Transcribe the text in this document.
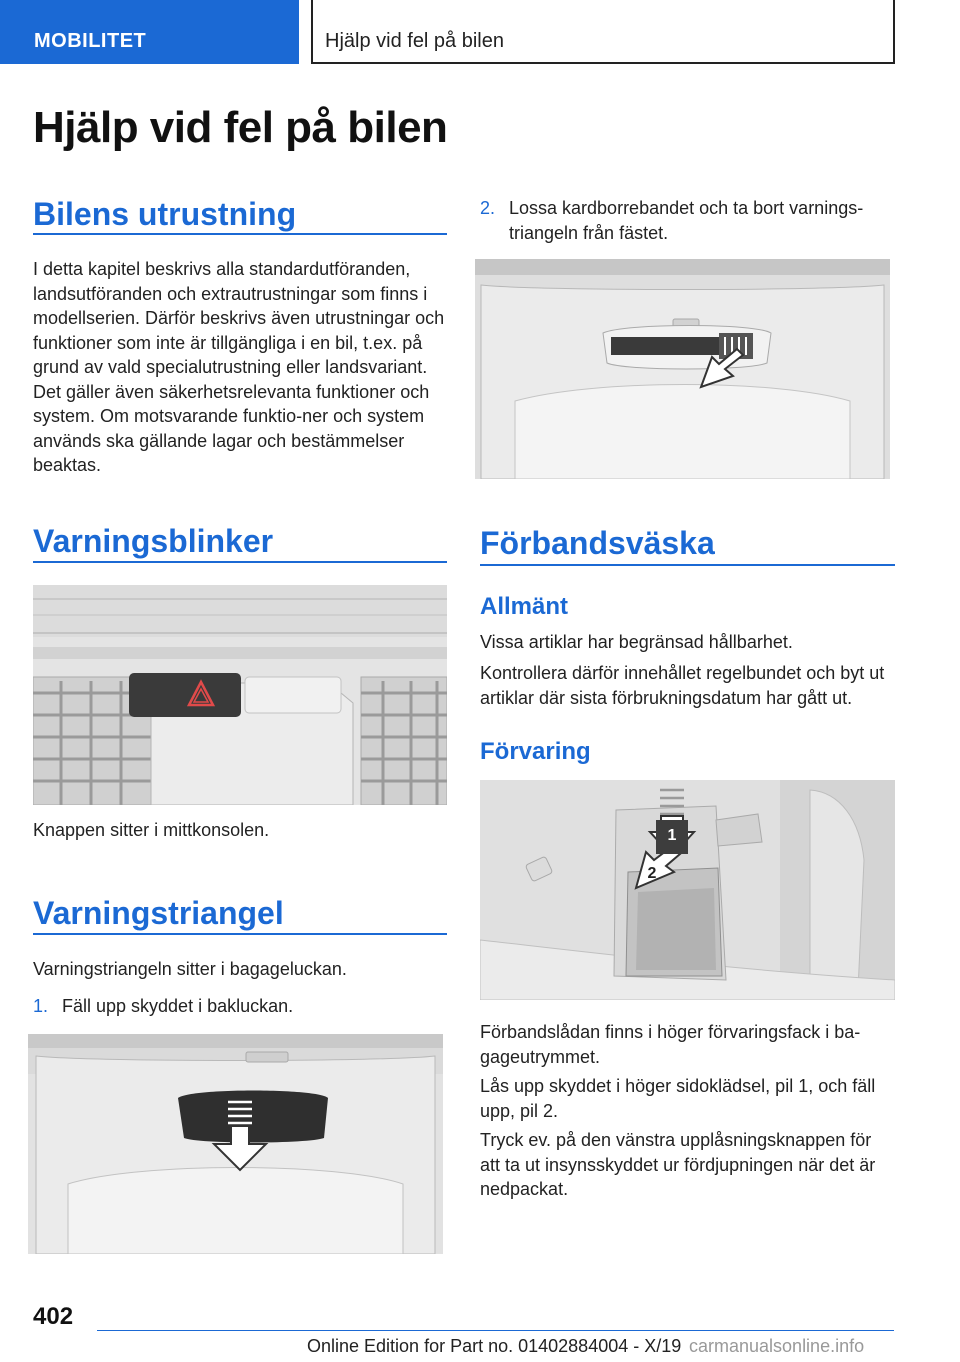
MOBILITET	Hjälp vid fel på bilen
Hjälp vid fel på bilen
Bilens utrustning

I detta kapitel beskrivs alla standardutföranden, landsutföranden och extrautrustningar som finns i modellserien. Därför beskrivs även utrustningar och funktioner som inte är tillgängliga i en bil, t.ex. på grund av vald specialutrustning eller landsvariant. Det gäller även säkerhetsrelevanta funktioner och system. Om motsvarande funktio‐ner och system används ska gällande lagar och bestämmelser beaktas.

Varningsblinker

Knappen sitter i mittkonsolen.

Varningstriangel

Varningstriangeln sitter i bagageluckan.

1. Fäll upp skyddet i bakluckan.
2. Lossa kardborrebandet och ta bort varnings‐triangeln från fästet.
Förbandsväska
Allmänt

Vissa artiklar har begränsad hållbarhet.

Kontrollera därför innehållet regelbundet och byt ut artiklar där sista förbrukningsdatum har gått ut.

Förvaring
1
2

Förbandslådan finns i höger förvaringsfack i ba‐gageutrymmet.

Lås upp skyddet i höger sidoklädsel, pil 1, och fäll upp, pil 2.

Tryck ev. på den vänstra upplåsningsknappen för att ta ut insynsskyddet ur fördjupningen när det är nedpackat.

402
Online Edition for Part no. 01402884004 - X/19 carmanualsonline.info
